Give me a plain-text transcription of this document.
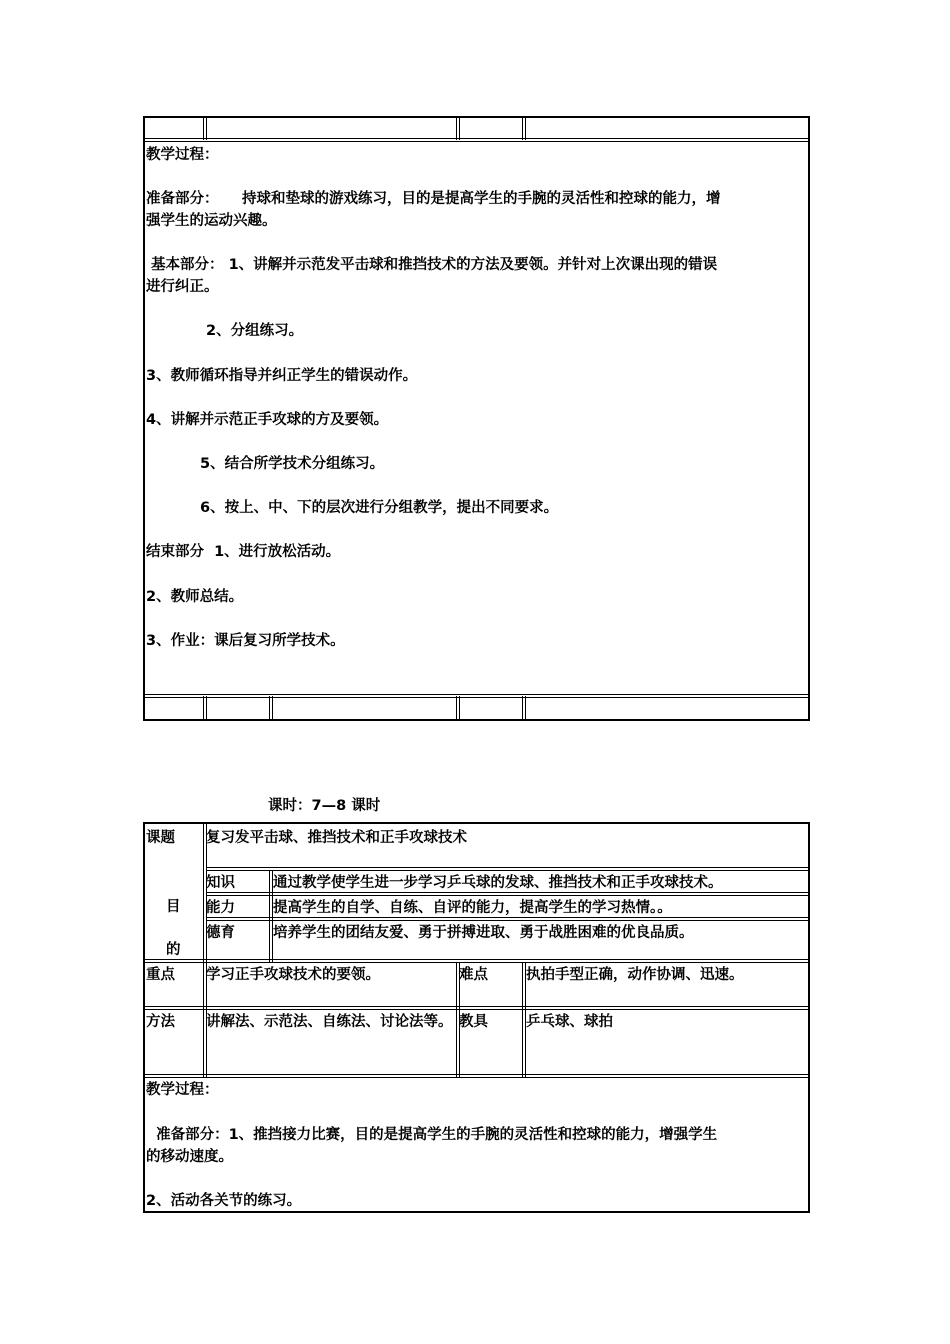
教学过程：
准备部分： 持球和垫球的游戏练习，目的是提高学生的手腕的灵活性和控球的能力，增
强学生的运动兴趣。
基本部分： 1、讲解并示范发平击球和推挡技术的方法及要领。并针对上次课出现的错误
进行纠正。
2、分组练习。
3、教师循环指导并纠正学生的错误动作。
4、讲解并示范正手攻球的方及要领。
5、结合所学技术分组练习。
6、按上、中、下的层次进行分组教学，提出不同要求。
结束部分  1、进行放松活动。
2、教师总结。
3、作业：课后复习所学技术。
课时：7—8 课时
课题 复习发平击球、推挡技术和正手攻球技术
目
的
知识	通过教学使学生进一步学习乒乓球的发球、推挡技术和正手攻球技术。
能力	提高学生的自学、自练、自评的能力，提高学生的学习热情。。
德育	培养学生的团结友爱、勇于拼搏进取、勇于战胜困难的优良品质。
重点 学习正手攻球技术的要领。	难点	执拍手型正确，动作协调、迅速。
方法 讲解法、示范法、自练法、讨论法等。 教具	乒乓球、球拍
教学过程：
准备部分：1、推挡接力比赛，目的是提高学生的手腕的灵活性和控球的能力，增强学生
的移动速度。
2、活动各关节的练习。
